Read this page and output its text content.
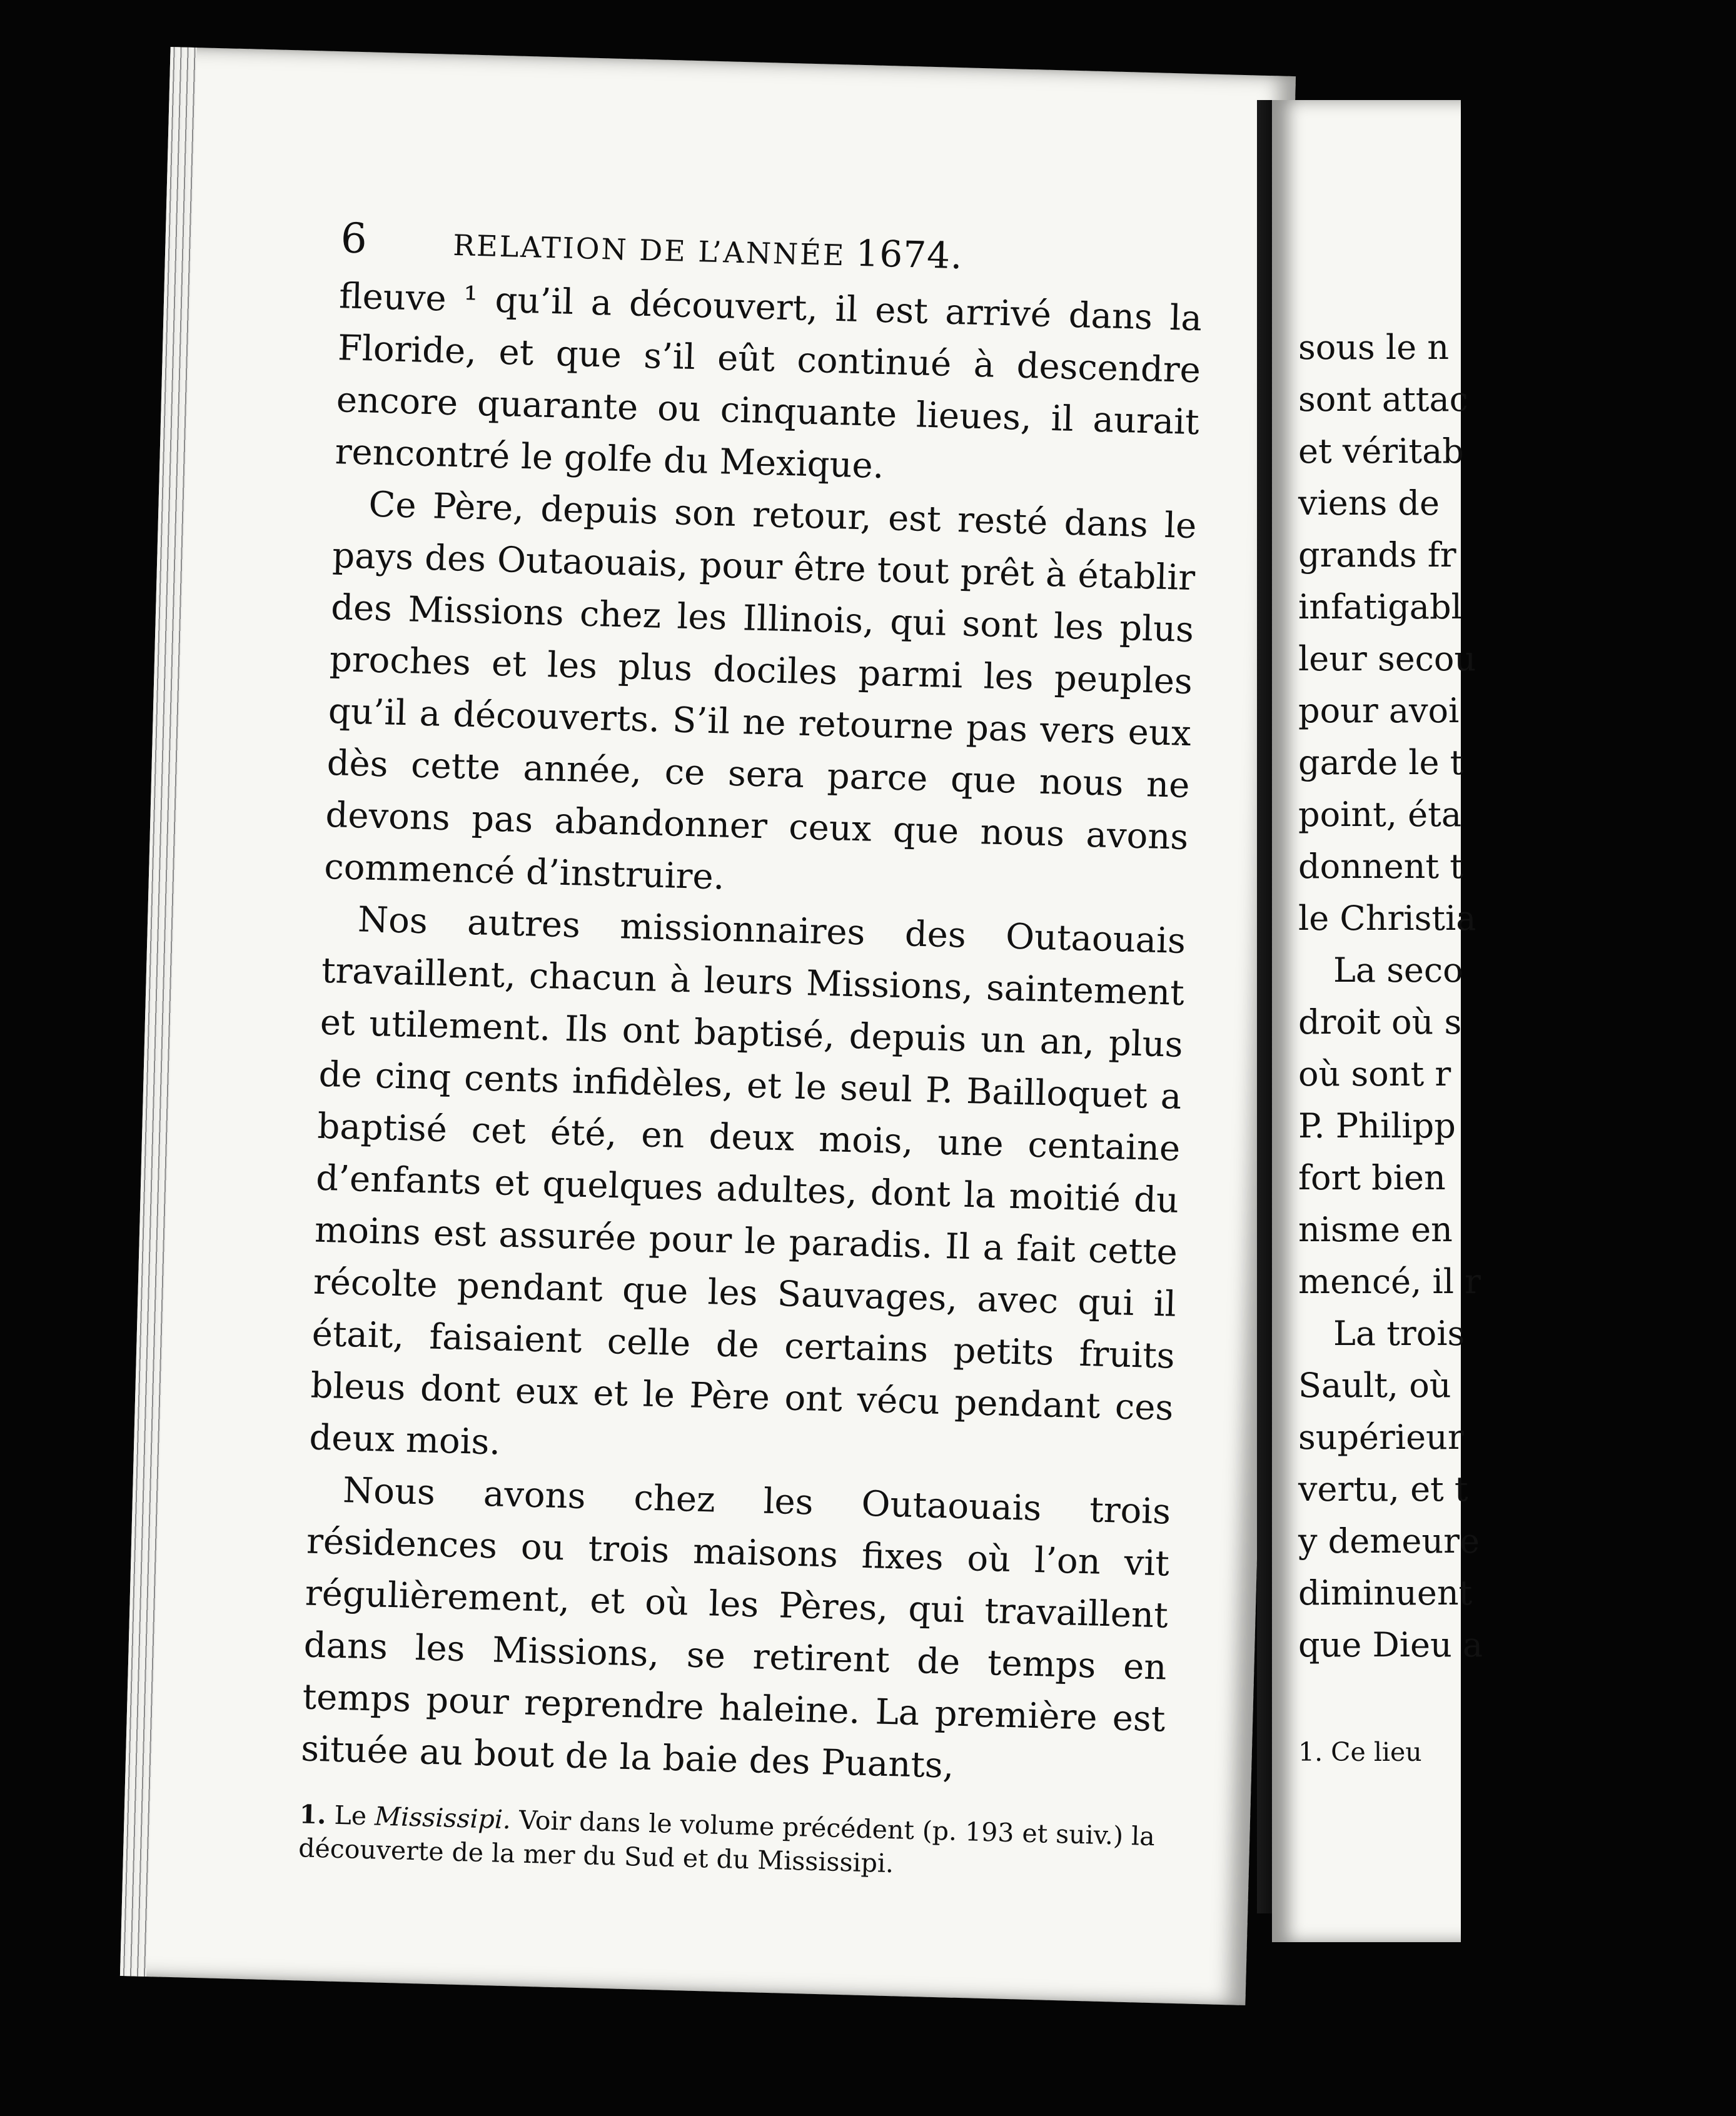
6	RELATION DE L’ANNÉE 1674.

fleuve ¹ qu’il a découvert, il est arrivé dans la Floride, et que s’il eût continué à descendre encore quarante ou cinquante lieues, il aurait rencontré le golfe du Mexique.

Ce Père, depuis son retour, est resté dans le pays des Outaouais, pour être tout prêt à établir des Missions chez les Illinois, qui sont les plus proches et les plus dociles parmi les peuples qu’il a découverts. S’il ne retourne pas vers eux dès cette année, ce sera parce que nous ne devons pas abandonner ceux que nous avons commencé d’instruire.

Nos autres missionnaires des Outaouais travaillent, chacun à leurs Missions, saintement et utilement. Ils ont baptisé, depuis un an, plus de cinq cents infidèles, et le seul P. Bailloquet a baptisé cet été, en deux mois, une centaine d’enfants et quelques adultes, dont la moitié du moins est assurée pour le paradis. Il a fait cette récolte pendant que les Sauvages, avec qui il était, faisaient celle de certains petits fruits bleus dont eux et le Père ont vécu pendant ces deux mois.

Nous avons chez les Outaouais trois résidences ou trois maisons fixes où l’on vit régulièrement, et où les Pères, qui travaillent dans les Missions, se retirent de temps en temps pour reprendre haleine. La première est située au bout de la baie des Puants,

1. Le Mississipi. Voir dans le volume précédent (p. 193 et suiv.) la découverte de la mer du Sud et du Mississipi.
sous le n
sont attac
et véritab
viens de
grands fr
infatigabl
leur secou
pour avoi
garde le t
point, éta
donnent t
le Christia
La seco
droit où s
où sont r
P. Philipp
fort bien
nisme en
mencé, il r
La trois
Sault, où
supérieur
vertu, et t
y demeure
diminuent
que Dieu a
1. Ce lieu
